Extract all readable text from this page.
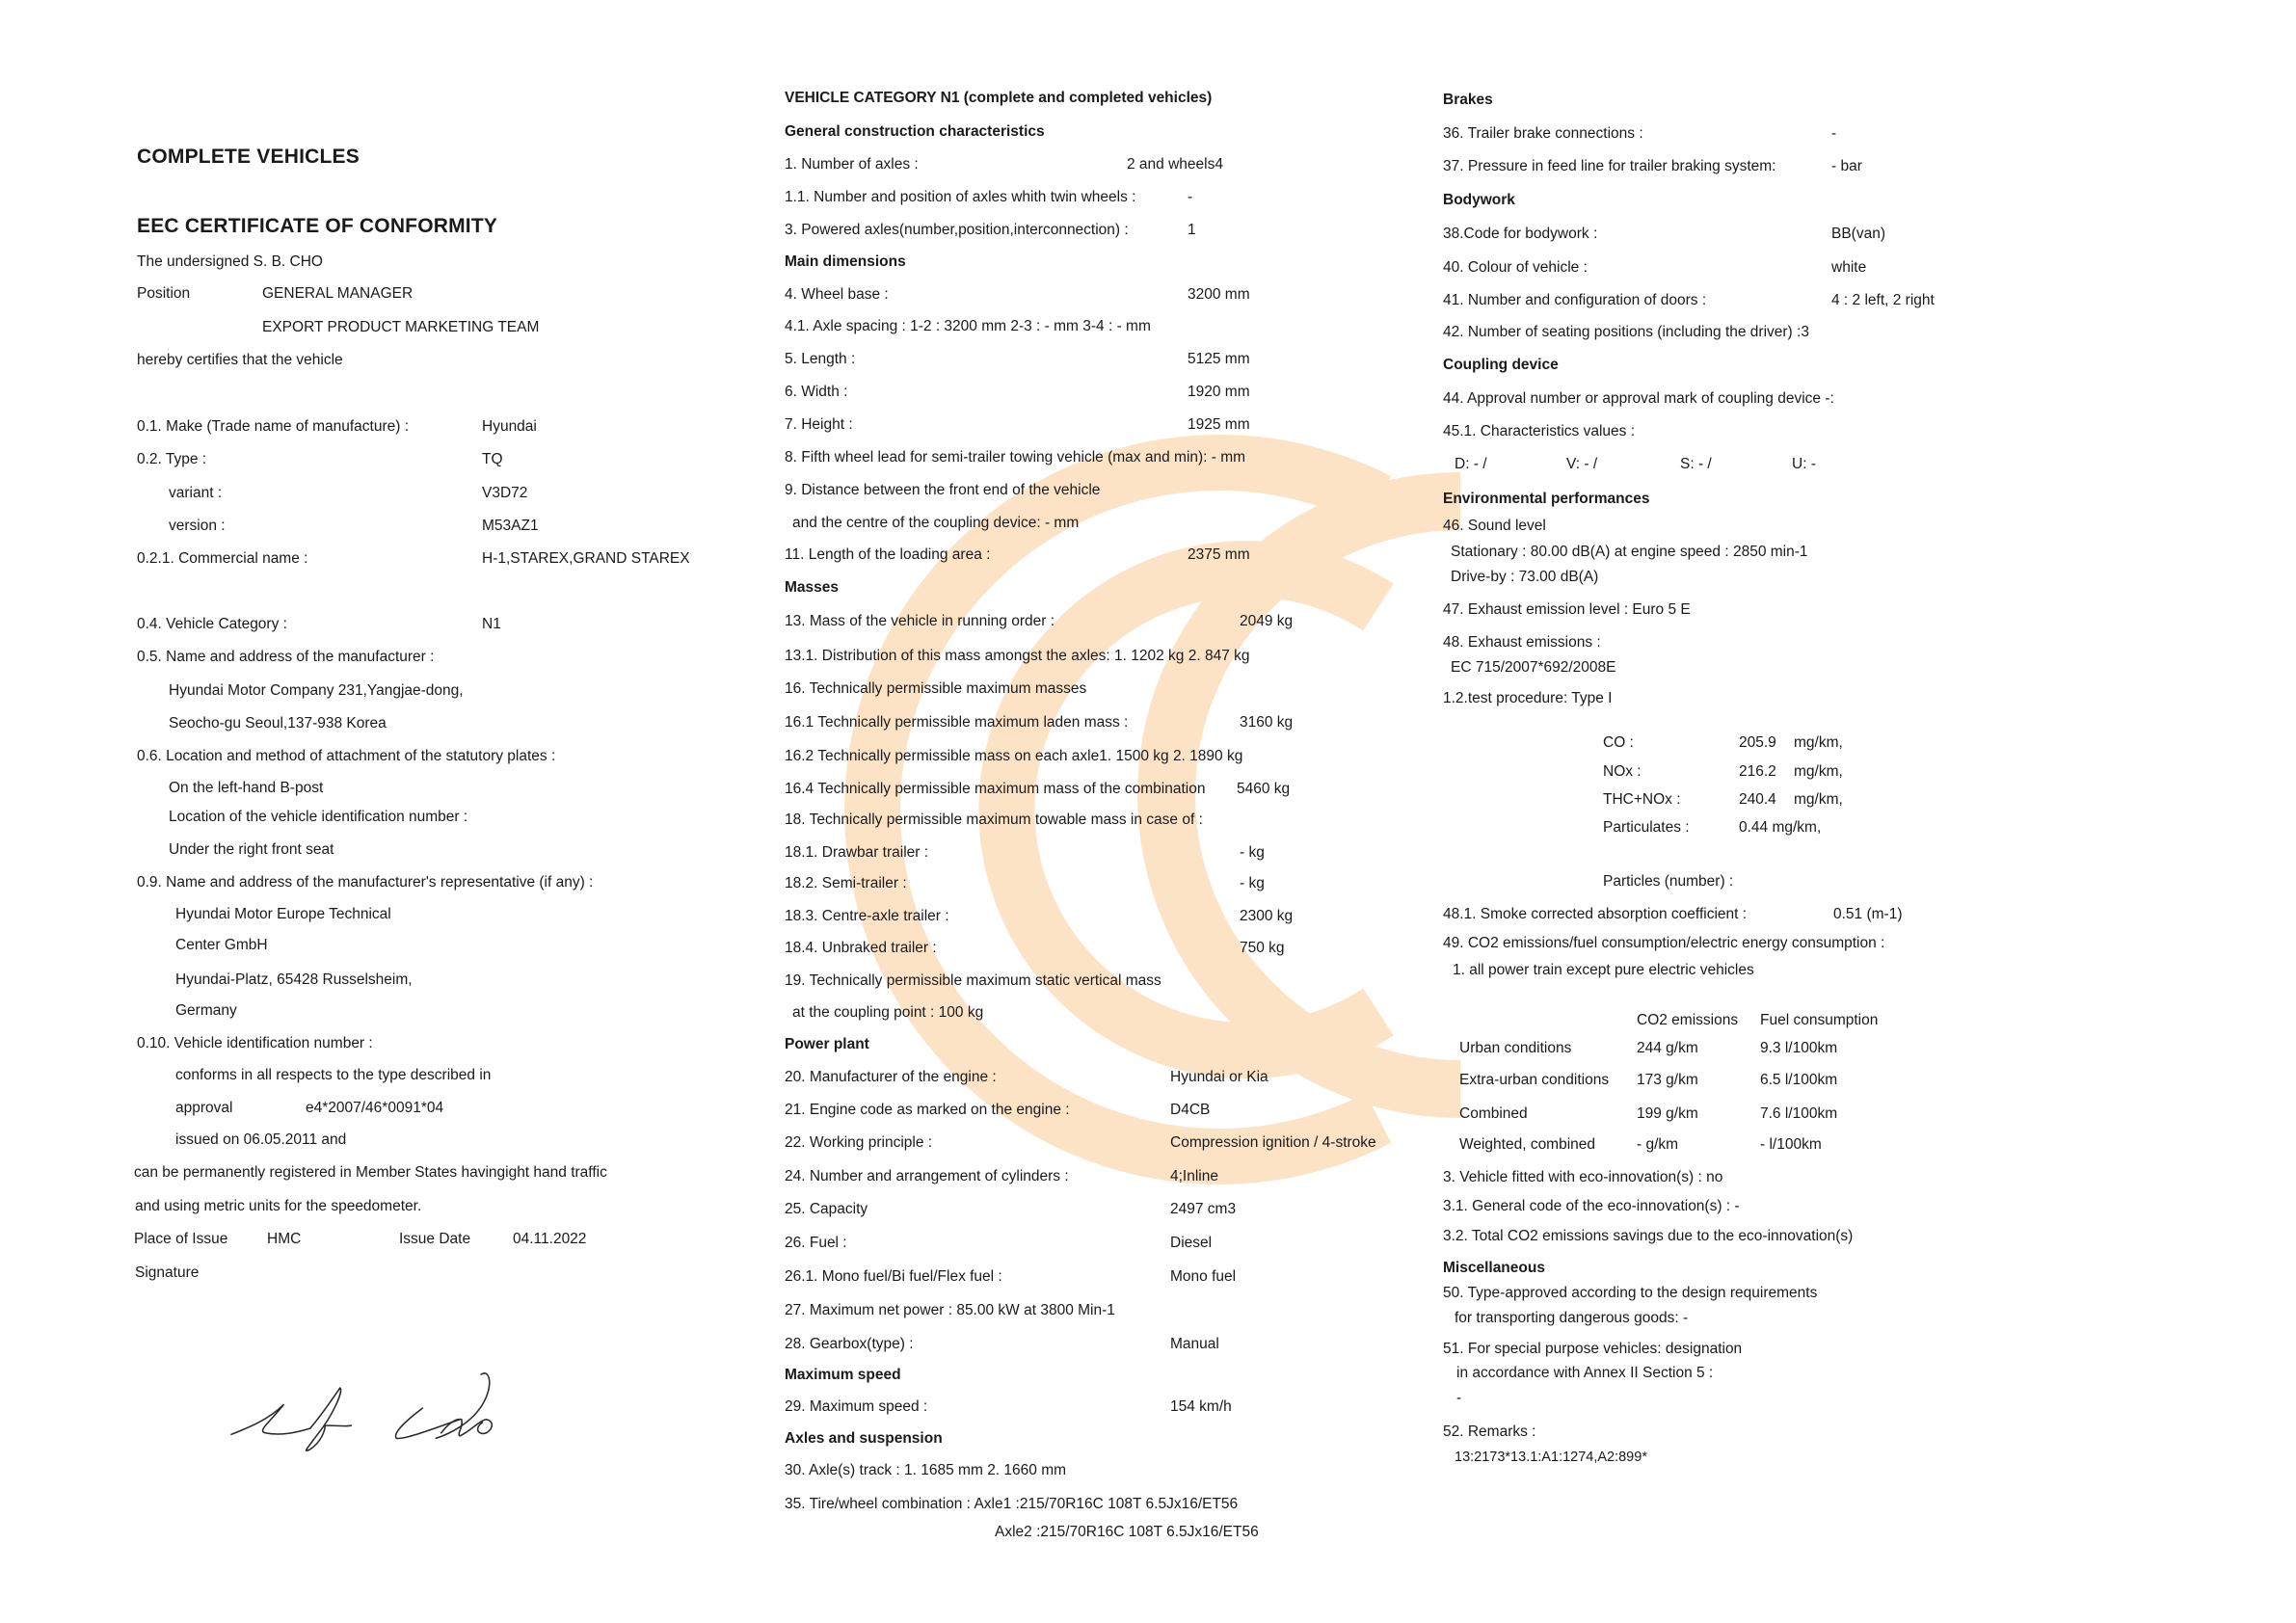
COMPLETE VEHICLES
EEC CERTIFICATE OF CONFORMITY
The undersigned S. B. CHO
Position	GENERAL MANAGER
EXPORT PRODUCT MARKETING TEAM
hereby certifies that the vehicle
0.1. Make (Trade name of manufacture) :	Hyundai
0.2. Type :	TQ
variant :	V3D72
version :	M53AZ1
0.2.1. Commercial name :	H-1,STAREX,GRAND STAREX
0.4. Vehicle Category :	N1
0.5. Name and address of the manufacturer :
Hyundai Motor Company 231,Yangjae-dong,
Seocho-gu Seoul,137-938 Korea
0.6. Location and method of attachment of the statutory plates :
On the left-hand B-post
Location of the vehicle identification number :
Under the right front seat
0.9. Name and address of the manufacturer's representative (if any) :
Hyundai Motor Europe Technical
Center GmbH
Hyundai-Platz, 65428 Russelsheim,
Germany
0.10. Vehicle identification number :
conforms in all respects to the type described in
approval	e4*2007/46*0091*04
issued on 06.05.2011 and
can be permanently registered in Member States havingight hand traffic
and using metric units for the speedometer.
Place of Issue	HMC	Issue Date	04.11.2022
Signature
VEHICLE CATEGORY N1 (complete and completed vehicles)
General construction characteristics
1. Number of axles :	2 and wheels4
1.1. Number and position of axles whith twin wheels :	-
3. Powered axles(number,position,interconnection) :	1
Main dimensions
4. Wheel base :	3200 mm
4.1. Axle spacing : 1-2 : 3200 mm 2-3 : - mm 3-4 : - mm
5. Length :	5125 mm
6. Width :	1920 mm
7. Height :	1925 mm
8. Fifth wheel lead for semi-trailer towing vehicle (max and min): - mm
9. Distance between the front end of the vehicle
and the centre of the coupling device: - mm
11. Length of the loading area :	2375 mm
Masses
13. Mass of the vehicle in running order :	2049 kg
13.1. Distribution of this mass amongst the axles: 1. 1202 kg 2. 847 kg
16. Technically permissible maximum masses
16.1 Technically permissible maximum laden mass :	3160 kg
16.2 Technically permissible mass on each axle1. 1500 kg 2. 1890 kg
16.4 Technically permissible maximum mass of the combination 5460 kg
18. Technically permissible maximum towable mass in case of :
18.1. Drawbar trailer :	- kg
18.2. Semi-trailer :	- kg
18.3. Centre-axle trailer :	2300 kg
18.4. Unbraked trailer :	750 kg
19. Technically permissible maximum static vertical mass
at the coupling point : 100 kg
Power plant
20. Manufacturer of the engine :	Hyundai or Kia
21. Engine code as marked on the engine :	D4CB
22. Working principle :	Compression ignition / 4-stroke
24. Number and arrangement of cylinders :	4;Inline
25. Capacity	2497 cm3
26. Fuel :	Diesel
26.1. Mono fuel/Bi fuel/Flex fuel :	Mono fuel
27. Maximum net power : 85.00 kW at 3800 Min-1
28. Gearbox(type) :	Manual
Maximum speed
29. Maximum speed :	154 km/h
Axles and suspension
30. Axle(s) track : 1. 1685 mm 2. 1660 mm
35. Tire/wheel combination : Axle1 :215/70R16C 108T 6.5Jx16/ET56
Axle2 :215/70R16C 108T 6.5Jx16/ET56
Brakes
36. Trailer brake connections :	-
37. Pressure in feed line for trailer braking system:	- bar
Bodywork
38.Code for bodywork :	BB(van)
40. Colour of vehicle :	white
41. Number and configuration of doors :	4 : 2 left, 2 right
42. Number of seating positions (including the driver) :3
Coupling device
44. Approval number or approval mark of coupling device -:
45.1. Characteristics values :
D: - /	V: - /	S: - /	U: -
Environmental performances
46. Sound level
Stationary : 80.00 dB(A) at engine speed : 2850 min-1
Drive-by : 73.00 dB(A)
47. Exhaust emission level : Euro 5 E
48. Exhaust emissions :
EC 715/2007*692/2008E
1.2.test procedure: Type I
CO :	205.9 mg/km,
NOx :	216.2 mg/km,
THC+NOx :	240.4 mg/km,
Particulates :	0.44 mg/km,
Particles (number) :
48.1. Smoke corrected absorption coefficient :	0.51 (m-1)
49. CO2 emissions/fuel consumption/electric energy consumption :
1. all power train except pure electric vehicles
CO2 emissions Fuel consumption
Urban conditions	244 g/km	9.3 l/100km
Extra-urban conditions 173 g/km	6.5 l/100km
Combined	199 g/km	7.6 l/100km
Weighted, combined	- g/km	- l/100km
3. Vehicle fitted with eco-innovation(s) : no
3.1. General code of the eco-innovation(s) : -
3.2. Total CO2 emissions savings due to the eco-innovation(s)
Miscellaneous
50. Type-approved according to the design requirements
for transporting dangerous goods: -
51. For special purpose vehicles: designation
in accordance with Annex II Section 5 :
-
52. Remarks :
13:2173*13.1:A1:1274,A2:899*
